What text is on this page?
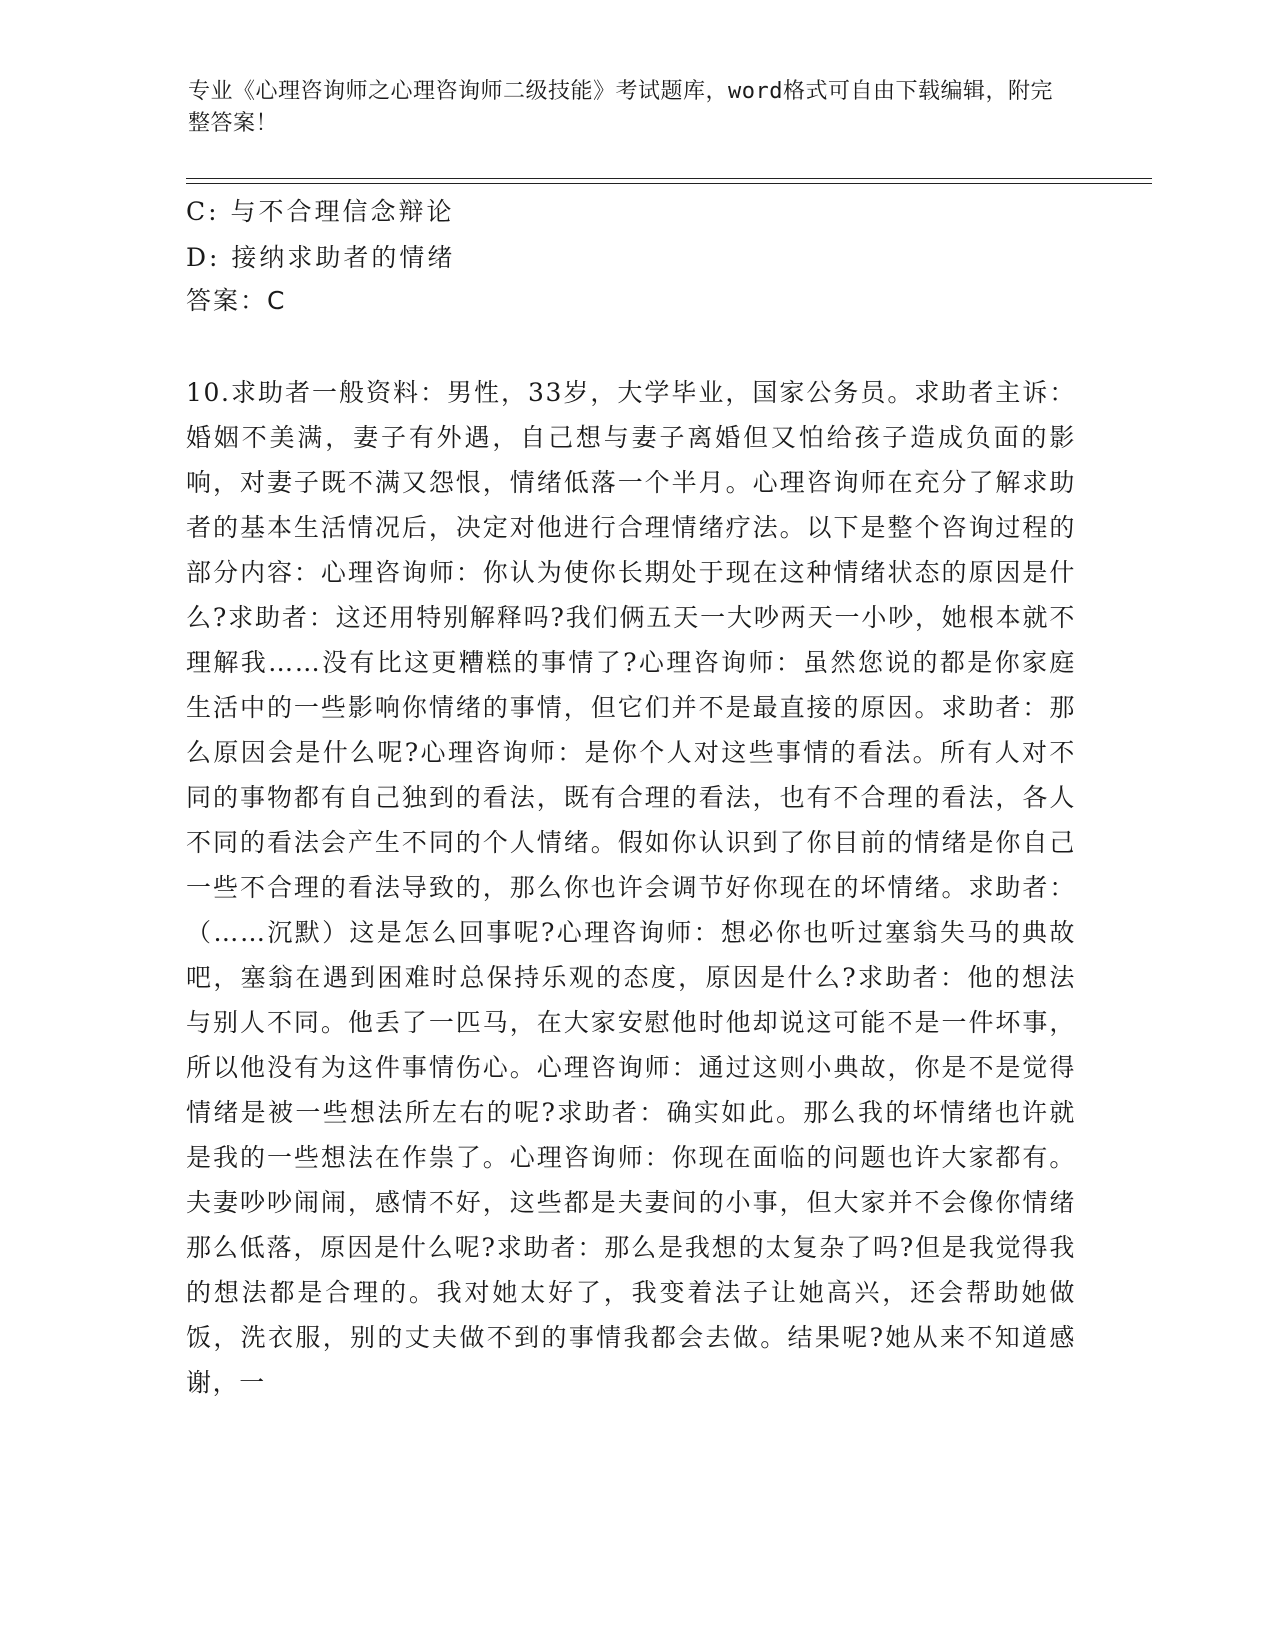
专业《心理咨询师之心理咨询师二级技能》考试题库，word格式可自由下载编辑，附完整答案！
C: 与不合理信念辩论
D: 接纳求助者的情绪
答案：C
10.求助者一般资料：男性，33岁，大学毕业，国家公务员。求助者主诉：婚姻不美满，妻子有外遇，自己想与妻子离婚但又怕给孩子造成负面的影响，对妻子既不满又怨恨，情绪低落一个半月。心理咨询师在充分了解求助者的基本生活情况后，决定对他进行合理情绪疗法。以下是整个咨询过程的部分内容：心理咨询师：你认为使你长期处于现在这种情绪状态的原因是什么?求助者：这还用特别解释吗?我们俩五天一大吵两天一小吵，她根本就不理解我……没有比这更糟糕的事情了?心理咨询师：虽然您说的都是你家庭生活中的一些影响你情绪的事情，但它们并不是最直接的原因。求助者：那么原因会是什么呢?心理咨询师：是你个人对这些事情的看法。所有人对不同的事物都有自己独到的看法，既有合理的看法，也有不合理的看法，各人不同的看法会产生不同的个人情绪。假如你认识到了你目前的情绪是你自己一些不合理的看法导致的，那么你也许会调节好你现在的坏情绪。求助者：（……沉默）这是怎么回事呢?心理咨询师：想必你也听过塞翁失马的典故吧，塞翁在遇到困难时总保持乐观的态度，原因是什么?求助者：他的想法与别人不同。他丢了一匹马，在大家安慰他时他却说这可能不是一件坏事，所以他没有为这件事情伤心。心理咨询师：通过这则小典故，你是不是觉得情绪是被一些想法所左右的呢?求助者：确实如此。那么我的坏情绪也许就是我的一些想法在作祟了。心理咨询师：你现在面临的问题也许大家都有。夫妻吵吵闹闹，感情不好，这些都是夫妻间的小事，但大家并不会像你情绪那么低落，原因是什么呢?求助者：那么是我想的太复杂了吗?但是我觉得我的想法都是合理的。我对她太好了，我变着法子让她高兴，还会帮助她做饭，洗衣服，别的丈夫做不到的事情我都会去做。结果呢?她从来不知道感谢，一
